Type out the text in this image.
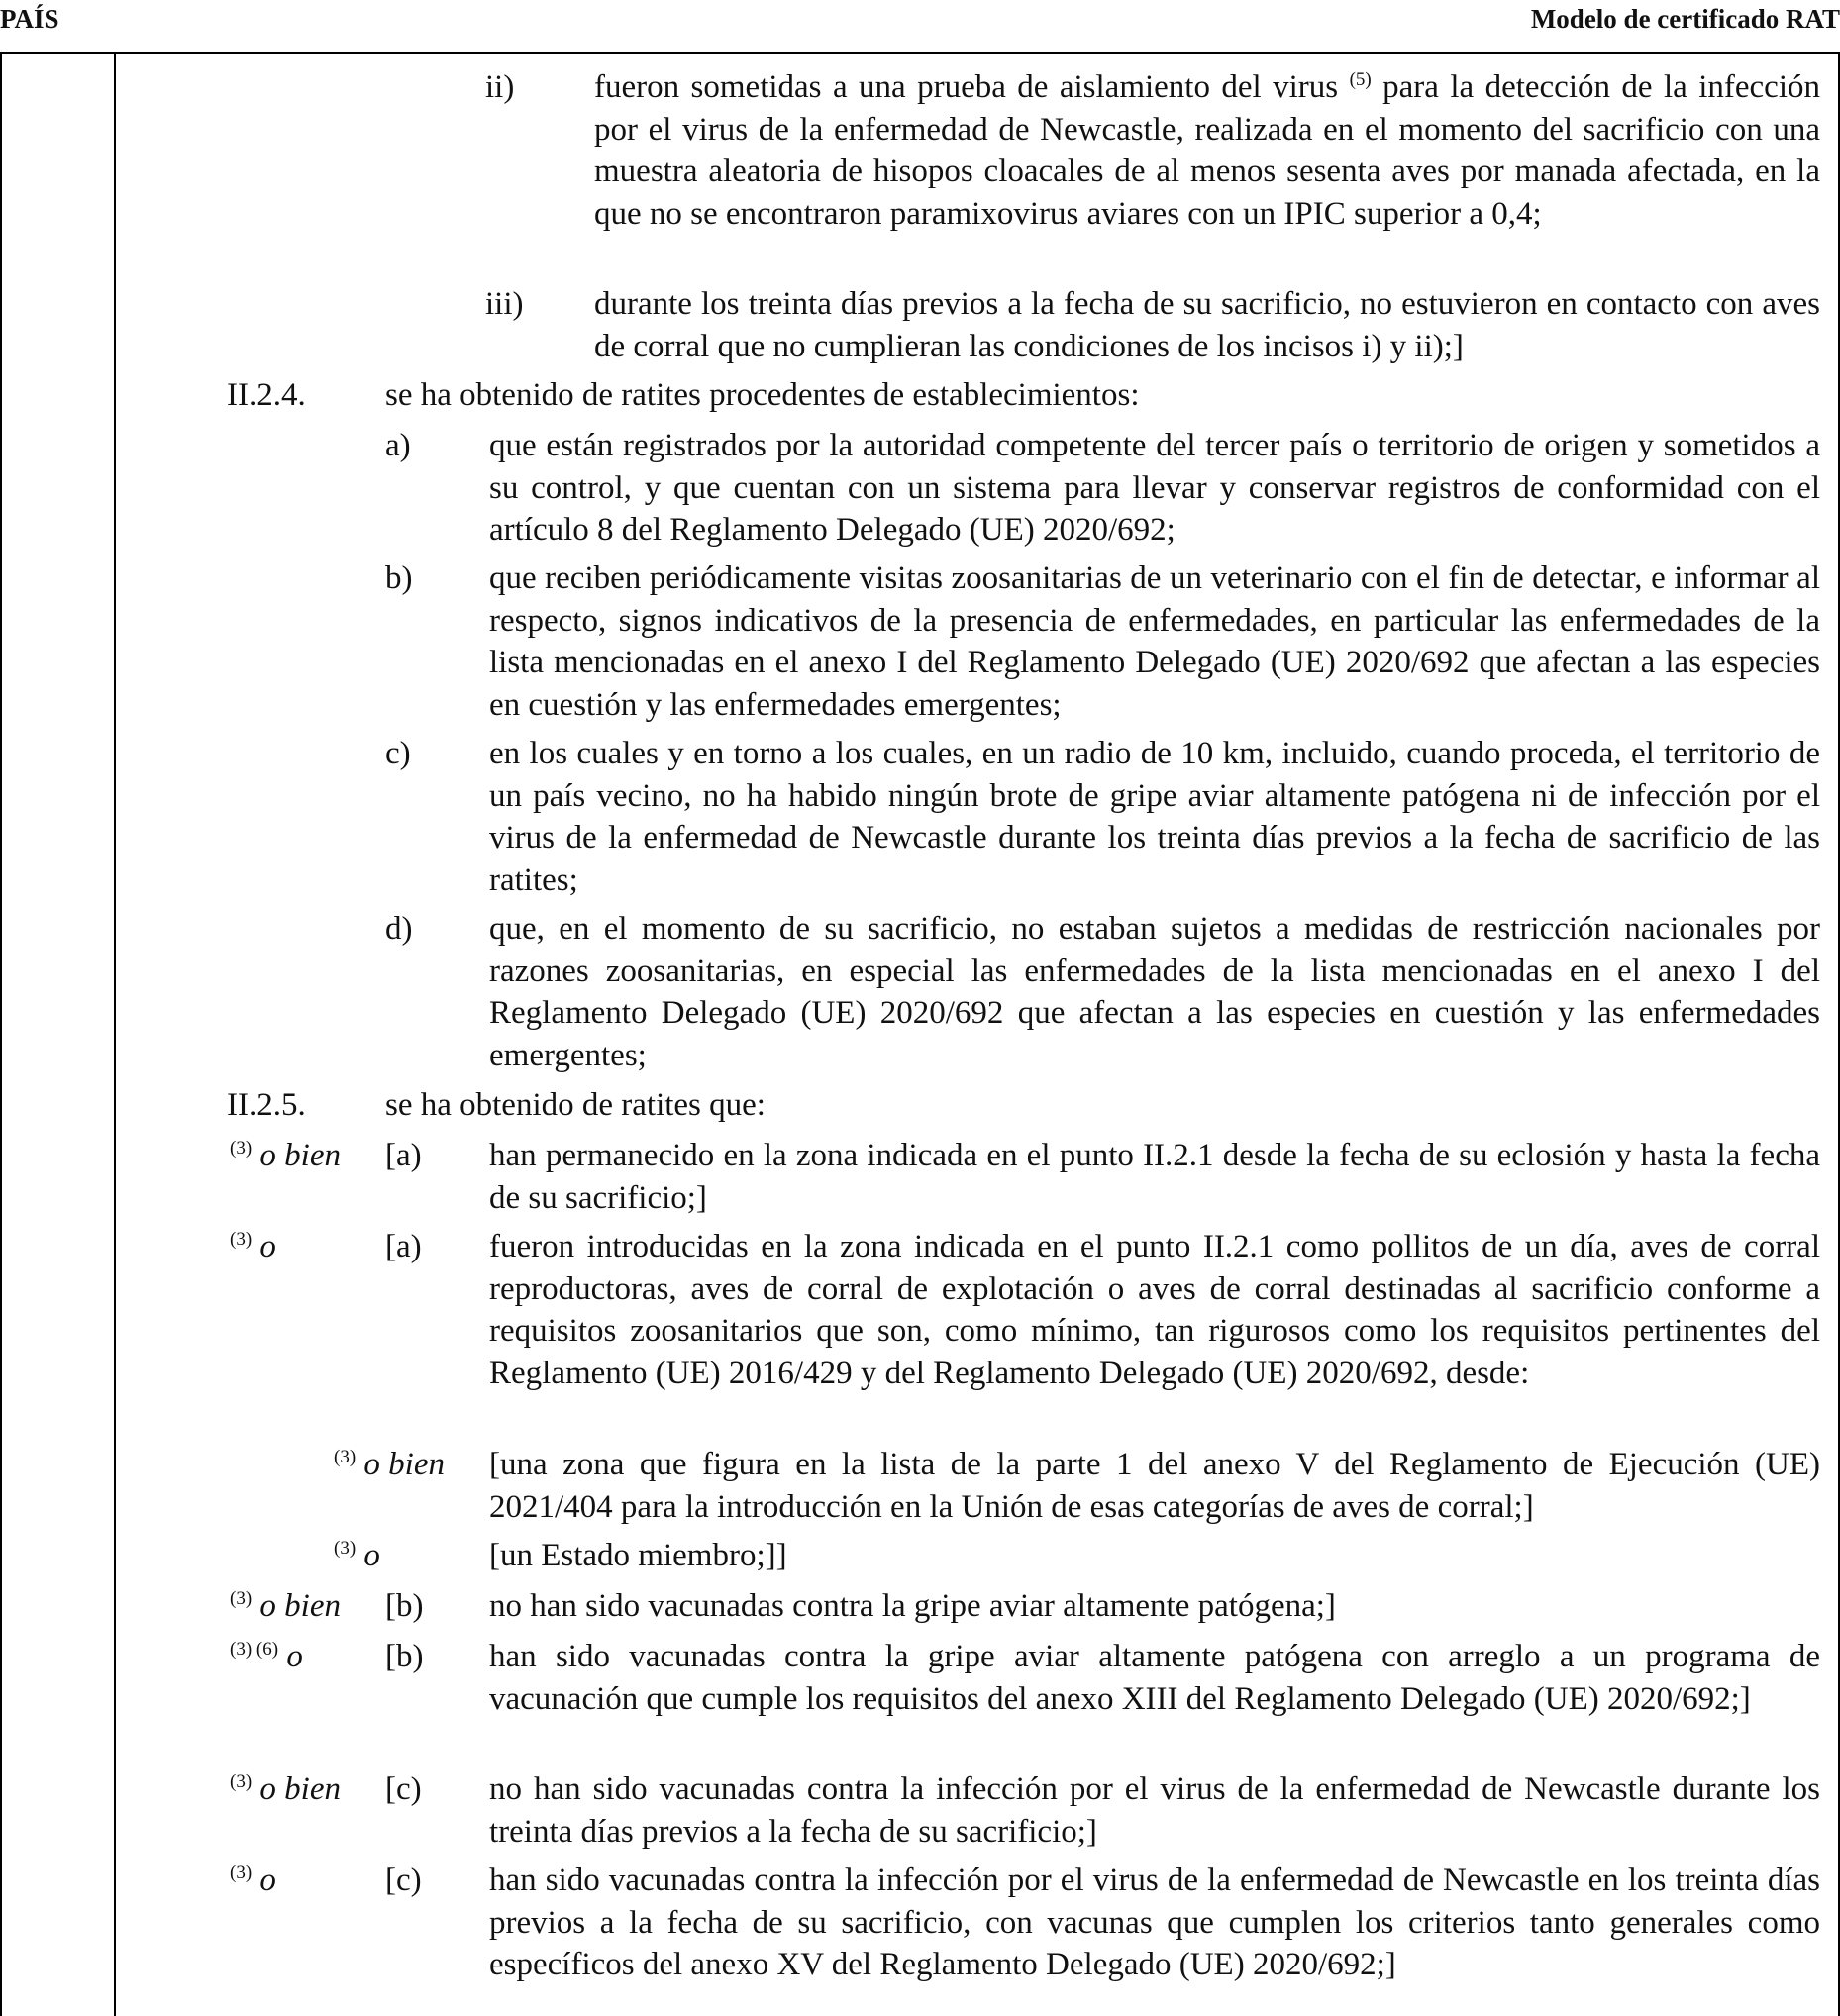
PAÍS	Modelo de certificado RAT
ii) fueron sometidas a una prueba de aislamiento del virus $^{(5)}$ para la detección de la infección por el virus de la enfermedad de Newcastle, realizada en el momento del sacrificio con una muestra aleatoria de hisopos cloacales de al menos sesenta aves por manada afectada, en la que no se encontraron paramixovirus aviares con un IPIC superior a 0,4;
iii) durante los treinta días previos a la fecha de su sacrificio, no estuvieron en contacto con aves de corral que no cumplieran las condiciones de los incisos i) y ii);]
II.2.4. se ha obtenido de ratites procedentes de establecimientos:
a) que están registrados por la autoridad competente del tercer país o territorio de origen y sometidos a su control, y que cuentan con un sistema para llevar y conservar registros de conformidad con el artículo 8 del Reglamento Delegado (UE) 2020/692;
b) que reciben periódicamente visitas zoosanitarias de un veterinario con el fin de detectar, e informar al respecto, signos indicativos de la presencia de enfermedades, en particular las enfermedades de la lista mencionadas en el anexo I del Reglamento Delegado (UE) 2020/692 que afectan a las especies en cuestión y las enfermedades emergentes;
c) en los cuales y en torno a los cuales, en un radio de 10 km, incluido, cuando proceda, el territorio de un país vecino, no ha habido ningún brote de gripe aviar altamente patógena ni de infección por el virus de la enfermedad de Newcastle durante los treinta días previos a la fecha de sacrificio de las ratites;
d) que, en el momento de su sacrificio, no estaban sujetos a medidas de restricción nacionales por razones zoosanitarias, en especial las enfermedades de la lista mencionadas en el anexo I del Reglamento Delegado (UE) 2020/692 que afectan a las especies en cuestión y las enfermedades emergentes;
II.2.5. se ha obtenido de ratites que:
$^{(3)}$ o bien [a) han permanecido en la zona indicada en el punto II.2.1 desde la fecha de su eclosión y hasta la fecha de su sacrificio;]
$^{(3)}$ o	[a) fueron introducidas en la zona indicada en el punto II.2.1 como pollitos de un día, aves de corral reproductoras, aves de corral de explotación o aves de corral destinadas al sacrificio conforme a requisitos zoosanitarios que son, como mínimo, tan rigurosos como los requisitos pertinentes del Reglamento (UE) 2016/429 y del Reglamento Delegado (UE) 2020/692, desde:
$^{(3)}$ o bien [una zona que figura en la lista de la parte 1 del anexo V del Reglamento de Ejecución (UE) 2021/404 para la introducción en la Unión de esas categorías de aves de corral;]
$^{(3)}$ o	[un Estado miembro;]]
$^{(3)}$ o bien [b) no han sido vacunadas contra la gripe aviar altamente patógena;]
$^{(3) (6)}$ o	[b) han sido vacunadas contra la gripe aviar altamente patógena con arreglo a un programa de vacunación que cumple los requisitos del anexo XIII del Reglamento Delegado (UE) 2020/692;]
$^{(3)}$ o bien [c) no han sido vacunadas contra la infección por el virus de la enfermedad de Newcastle durante los treinta días previos a la fecha de su sacrificio;]
$^{(3)}$ o	[c) han sido vacunadas contra la infección por el virus de la enfermedad de Newcastle en los treinta días previos a la fecha de su sacrificio, con vacunas que cumplen los criterios tanto generales como específicos del anexo XV del Reglamento Delegado (UE) 2020/692;]
